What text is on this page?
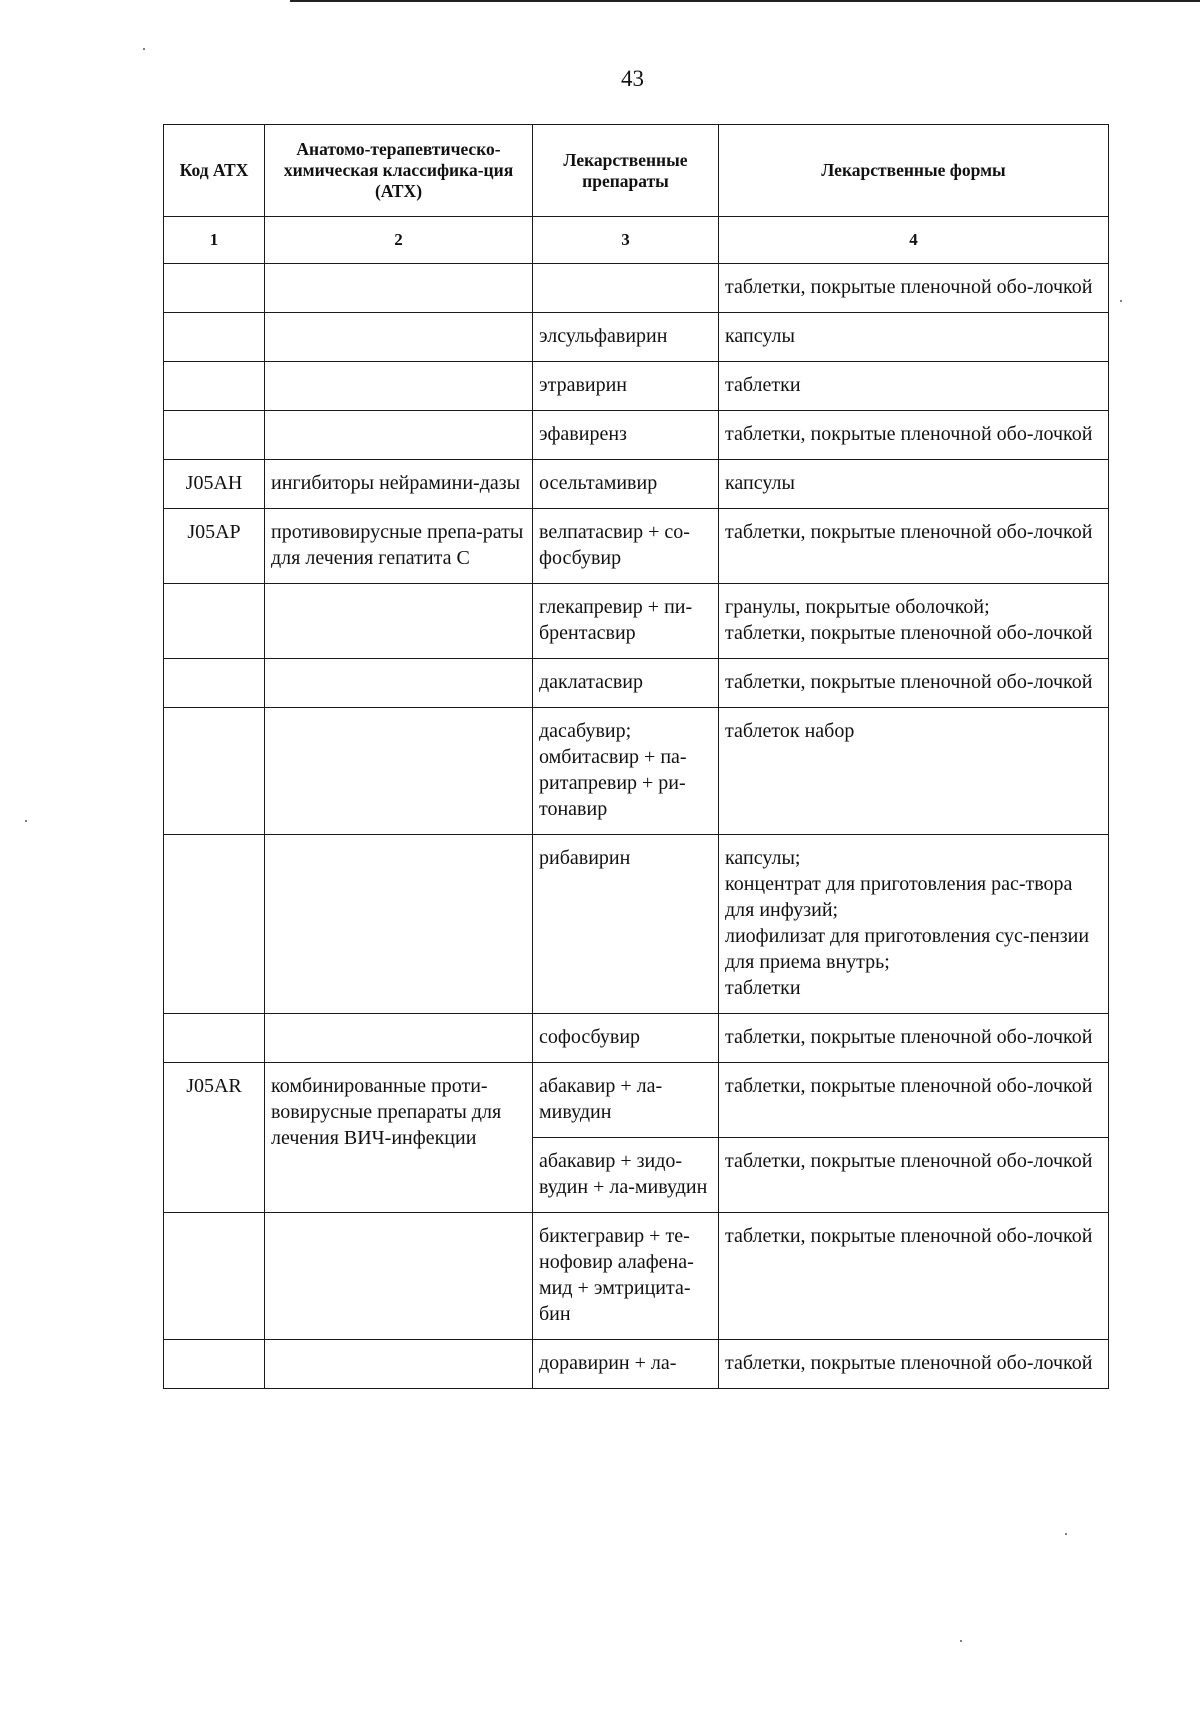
43
Код АТХ	Анатомо-терапевтическо-химическая классифика-ция (АТХ)	Лекарственные препараты	Лекарственные формы
1	2	3	4

			таблетки, покрытые пленочной обо-лочкой

		элсульфавирин	капсулы

		этравирин	таблетки

		эфавиренз	таблетки, покрытые пленочной обо-лочкой

J05AH	ингибиторы нейрамини-дазы	осельтамивир	капсулы

J05AP	противовирусные препа-раты для лечения гепатита С	велпатасвир + со-фосбувир	таблетки, покрытые пленочной обо-лочкой

		глекапревир + пи-брентасвир	гранулы, покрытые оболочкой;
таблетки, покрытые пленочной обо-лочкой

		даклатасвир	таблетки, покрытые пленочной обо-лочкой

		дасабувир; омбитасвир + па-ритапревир + ри-тонавир	таблеток набор

		рибавирин	капсулы;
концентрат для приготовления рас-твора для инфузий;
лиофилизат для приготовления сус-пензии для приема внутрь;
таблетки

		софосбувир	таблетки, покрытые пленочной обо-лочкой

J05AR	комбинированные проти-вовирусные препараты для лечения ВИЧ-инфекции	абакавир + ла-мивудин	таблетки, покрытые пленочной обо-лочкой

		абакавир + зидо-вудин + ла-мивудин	таблетки, покрытые пленочной обо-лочкой

		биктегравир + те-нофовир алафена-мид + эмтрицита-бин	таблетки, покрытые пленочной обо-лочкой

		доравирин + ла-	таблетки, покрытые пленочной обо-лочкой
